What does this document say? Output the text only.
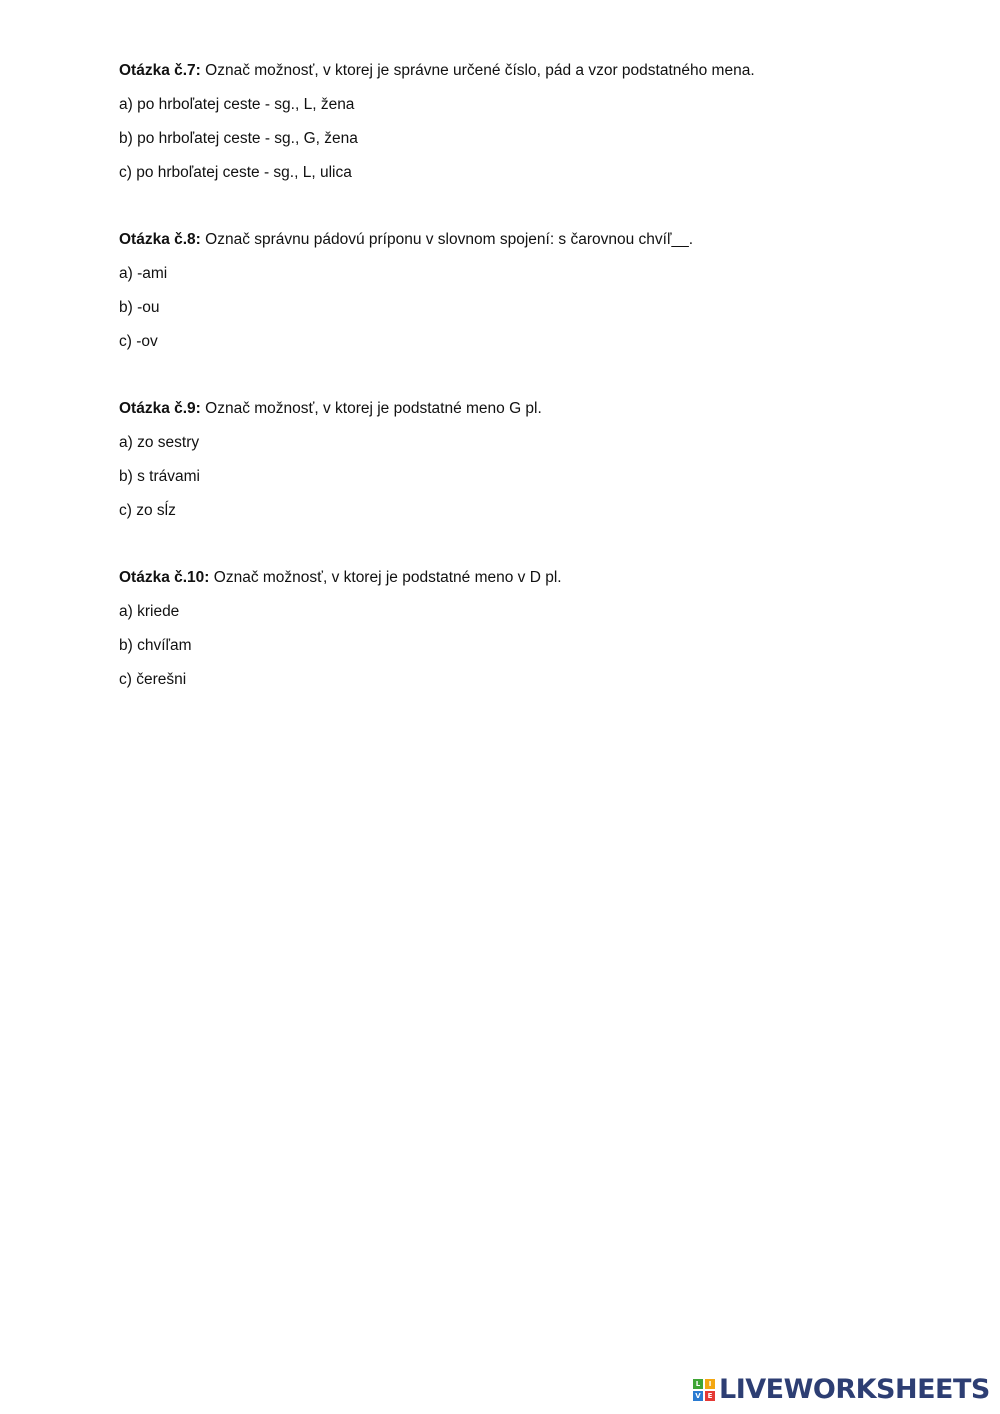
Otázka č.7: Označ možnosť, v ktorej je správne určené číslo, pád a vzor podstatného mena.
a) po hrboľatej ceste - sg., L, žena
b) po hrboľatej ceste - sg., G, žena
c) po hrboľatej ceste - sg., L, ulica
Otázka č.8: Označ správnu pádovú príponu v slovnom spojení: s čarovnou chvíľ__.
a) -ami
b) -ou
c) -ov
Otázka č.9: Označ možnosť, v ktorej je podstatné meno G pl.
a) zo sestry
b) s trávami
c) zo sĺz
Otázka č.10: Označ možnosť, v ktorej je podstatné meno v D pl.
a) kriede
b) chvíľam
c) čerešni
L	I
V E LIVEWORKSHEETS
